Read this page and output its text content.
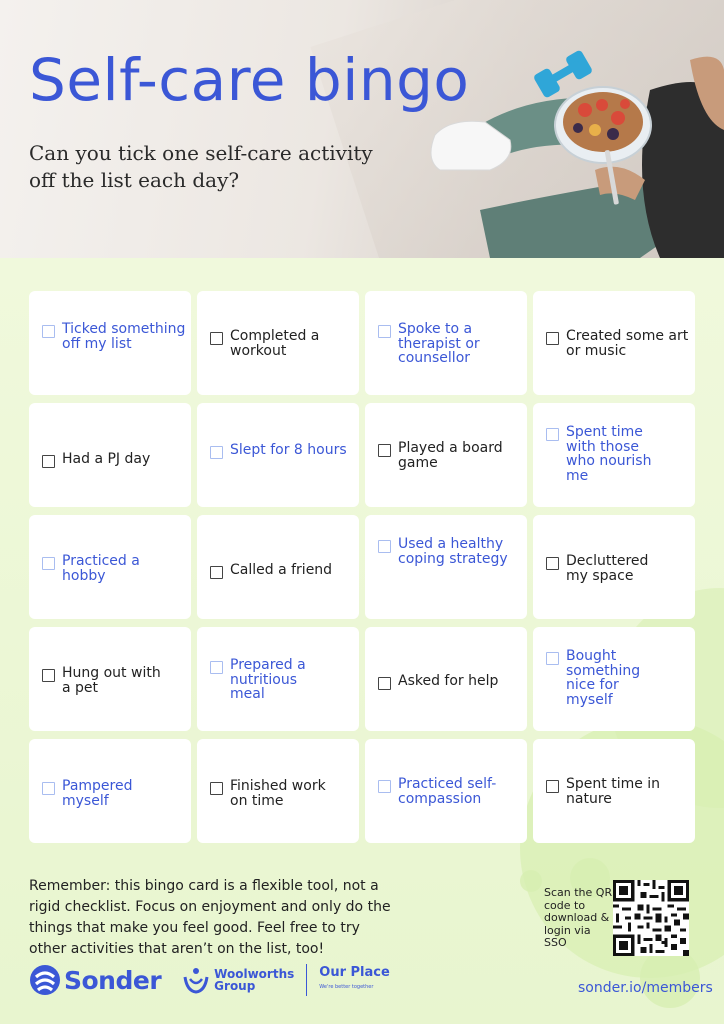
Self-care bingo

Can you tick one self-care activity off the list each day?

Ticked something off my list	Completed a workout
Spoke to a therapist or counsellor
Created some art or music
Had a PJ day
Slept for 8 hours	Played a board game
Spent time with those who nourish me
Practiced a hobby	Called a friend
Used a healthy coping strategy	Decluttered my space
Hung out with a pet
Prepared a nutritious meal
Asked for help
Bought something nice for myself
Pampered myself
Finished work on time
Practiced self-compassion
Spent time in nature

Remember: this bingo card is a flexible tool, not a rigid checklist. Focus on enjoyment and only do the things that make you feel good. Feel free to try other activities that aren’t on the list, too!

Sonder	Woolworths
Group
Our Place
We're better together

Scan the QR code to download & login via SSO

sonder.io/members
